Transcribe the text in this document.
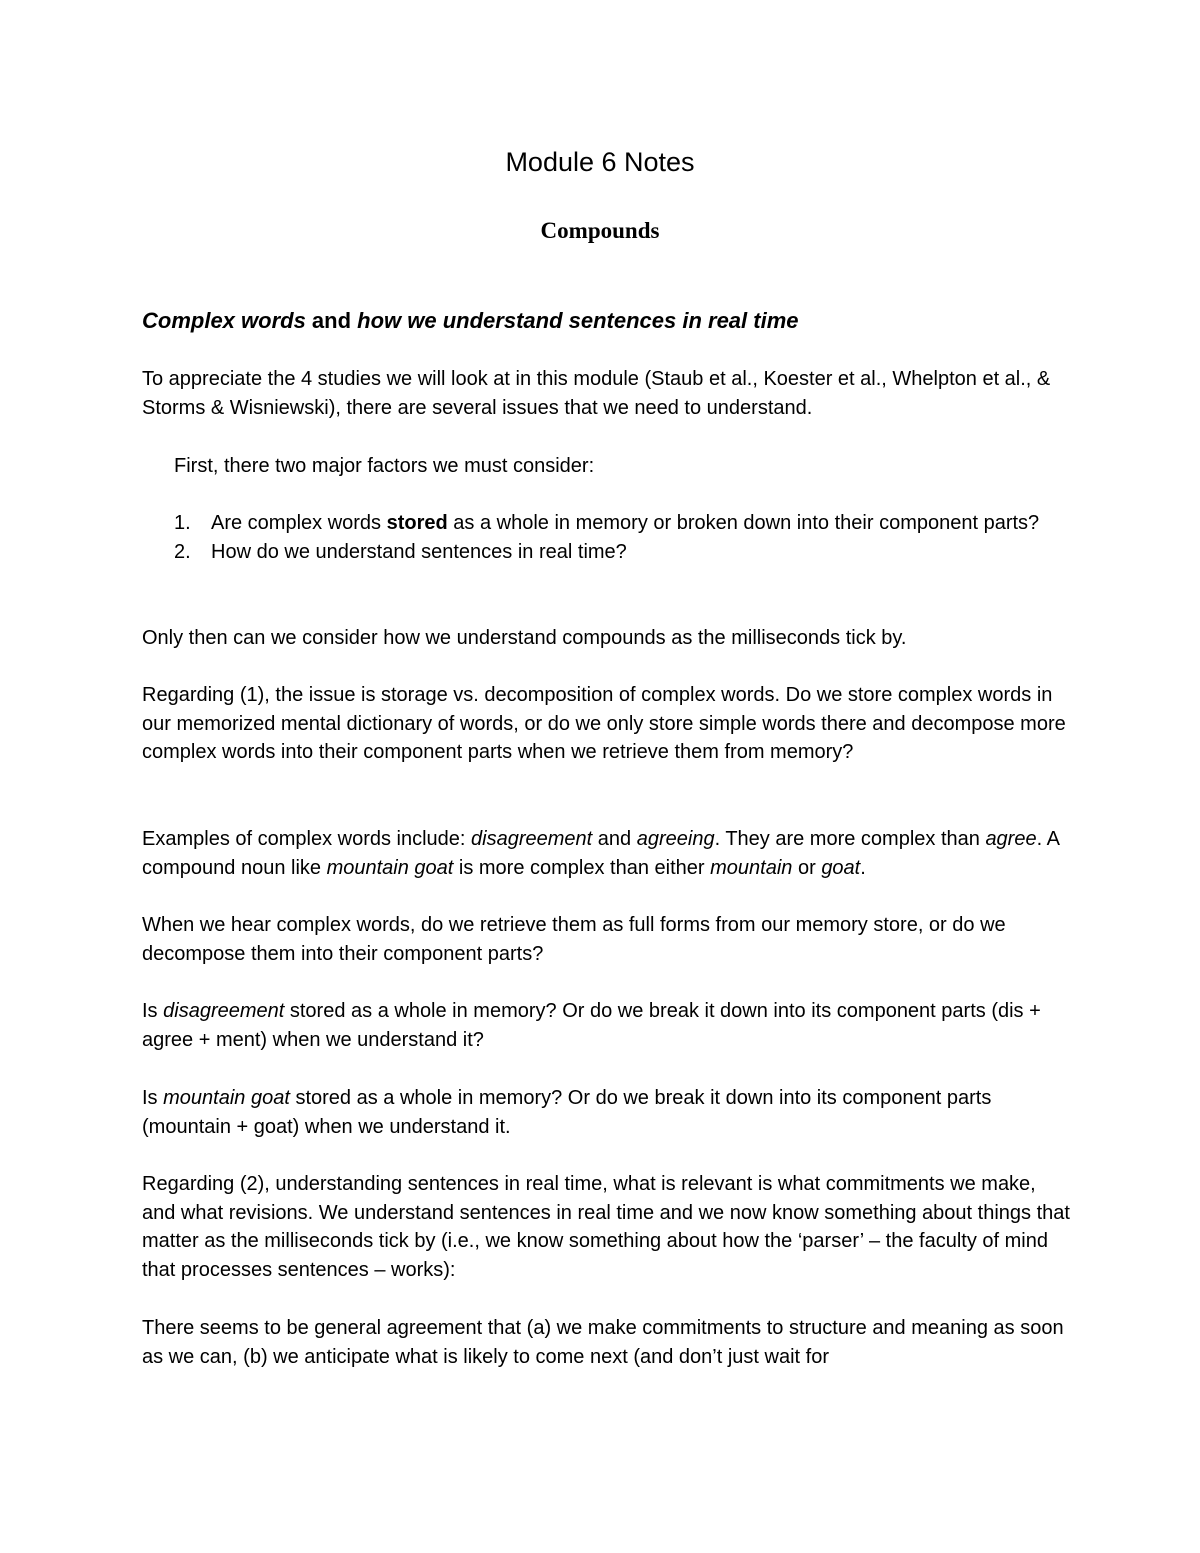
Module 6 Notes
Compounds
Complex words and how we understand sentences in real time

To appreciate the 4 studies we will look at in this module (Staub et al., Koester et al., Whelpton et al., & Storms & Wisniewski), there are several issues that we need to understand.

First, there two major factors we must consider:

1. Are complex words stored as a whole in memory or broken down into their component parts?
2. How do we understand sentences in real time?

Only then can we consider how we understand compounds as the milliseconds tick by.

Regarding (1), the issue is storage vs. decomposition of complex words. Do we store complex words in our memorized mental dictionary of words, or do we only store simple words there and decompose more complex words into their component parts when we retrieve them from memory?

Examples of complex words include: disagreement and agreeing. They are more complex than agree. A compound noun like mountain goat is more complex than either mountain or goat.

When we hear complex words, do we retrieve them as full forms from our memory store, or do we decompose them into their component parts?

Is disagreement stored as a whole in memory? Or do we break it down into its component parts (dis + agree + ment) when we understand it?

Is mountain goat stored as a whole in memory? Or do we break it down into its component parts (mountain + goat) when we understand it.

Regarding (2), understanding sentences in real time, what is relevant is what commitments we make, and what revisions. We understand sentences in real time and we now know something about things that matter as the milliseconds tick by (i.e., we know something about how the ‘parser’ – the faculty of mind that processes sentences – works):

There seems to be general agreement that (a) we make commitments to structure and meaning as soon as we can, (b) we anticipate what is likely to come next (and don’t just wait for
